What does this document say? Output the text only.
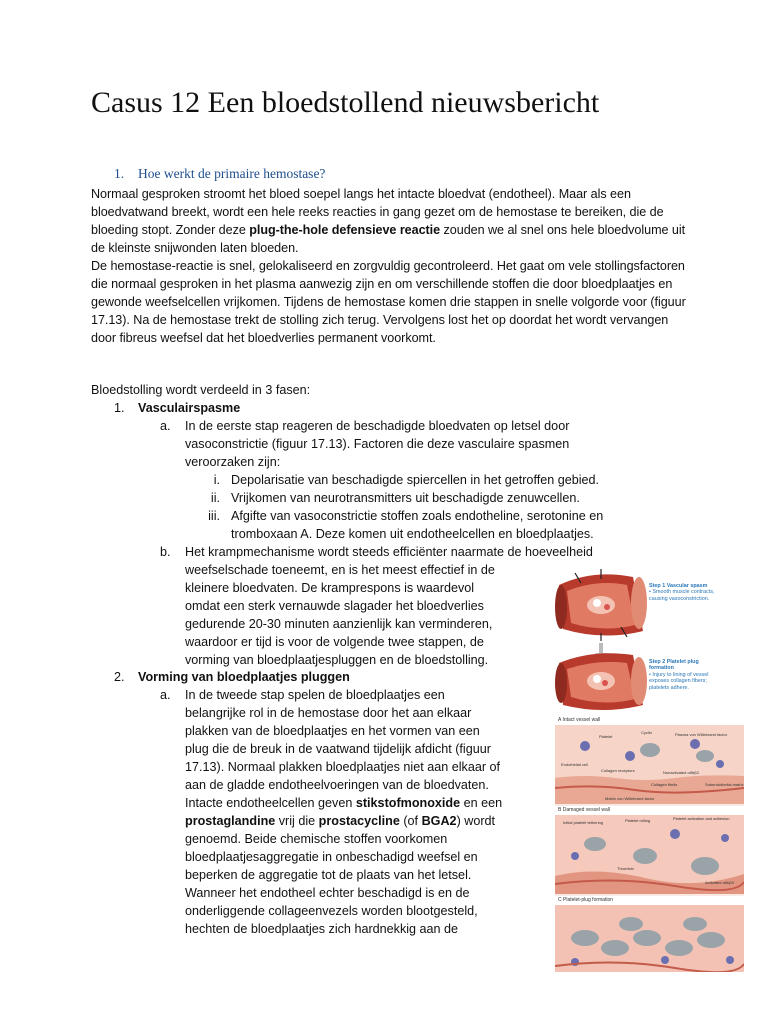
Casus 12 Een bloedstollend nieuwsbericht
1. Hoe werkt de primaire hemostase?
Normaal gesproken stroomt het bloed soepel langs het intacte bloedvat (endotheel). Maar als een bloedvatwand breekt, wordt een hele reeks reacties in gang gezet om de hemostase te bereiken, die de bloeding stopt. Zonder deze plug-the-hole defensieve reactie zouden we al snel ons hele bloedvolume uit de kleinste snijwonden laten bloeden.
De hemostase-reactie is snel, gelokaliseerd en zorgvuldig gecontroleerd. Het gaat om vele stollingsfactoren die normaal gesproken in het plasma aanwezig zijn en om verschillende stoffen die door bloedplaatjes en gewonde weefselcellen vrijkomen. Tijdens de hemostase komen drie stappen in snelle volgorde voor (figuur 17.13). Na de hemostase trekt de stolling zich terug. Vervolgens lost het op doordat het wordt vervangen door fibreus weefsel dat het bloedverlies permanent voorkomt.
Bloedstolling wordt verdeeld in 3 fasen:
1. Vasculairspasme
a. In de eerste stap reageren de beschadigde bloedvaten op letsel door
vasoconstrictie (figuur 17.13). Factoren die deze vasculaire spasmen
veroorzaken zijn:
i. Depolarisatie van beschadigde spiercellen in het getroffen gebied.
ii. Vrijkomen van neurotransmitters uit beschadigde zenuwcellen.
iii. Afgifte van vasoconstrictie stoffen zoals endotheline, serotonine en
tromboxaan A. Deze komen uit endotheelcellen en bloedplaatjes.
b. Het krampmechanisme wordt steeds efficiënter naarmate de hoeveelheid
weefselschade toeneemt, en is het meest effectief in de
kleinere bloedvaten. De kramprespons is waardevol
omdat een sterk vernauwde slagader het bloedverlies
gedurende 20-30 minuten aanzienlijk kan verminderen,
waardoor er tijd is voor de volgende twee stappen, de
vorming van bloedplaatjespluggen en de bloedstolling.
2. Vorming van bloedplaatjes pluggen
a. In de tweede stap spelen de bloedplaatjes een
belangrijke rol in de hemostase door het aan elkaar
plakken van de bloedplaatjes en het vormen van een
plug die de breuk in de vaatwand tijdelijk afdicht (figuur
17.13). Normaal plakken bloedplaatjes niet aan elkaar of
aan de gladde endotheelvoeringen van de bloedvaten.
Intacte endotheelcellen geven stikstofmonoxide en een
prostaglandine vrij die prostacycline (of BGA2) wordt
genoemd. Beide chemische stoffen voorkomen
bloedplaatjesaggregatie in onbeschadigd weefsel en
beperken de aggregatie tot de plaats van het letsel.
Wanneer het endotheel echter beschadigd is en de
onderliggende collageenvezels worden blootgesteld,
hechten de bloedplaatjes zich hardnekkig aan de
Step 1 Vascular spasm
• Smooth muscle contracts,
causing vasoconstriction.
Step 2 Platelet plug
formation
• Injury to lining of vessel
exposes collagen fibers;
platelets adhere.
A Intact vessel wall
B Damaged vessel wall
C Platelet-plug formation
Platelet
Cyclin	Plasma von Willebrand factor
Endothelial cell
Collagen receptors	Nonactivated αIIbβ3
Collagen fibrils	Subendothelial matrix
Matrix von Willebrand factor
Initial platelet tethering	Platelet rolling	Platelet activation and adhesion
Thrombin
Activated αIIbβ3
